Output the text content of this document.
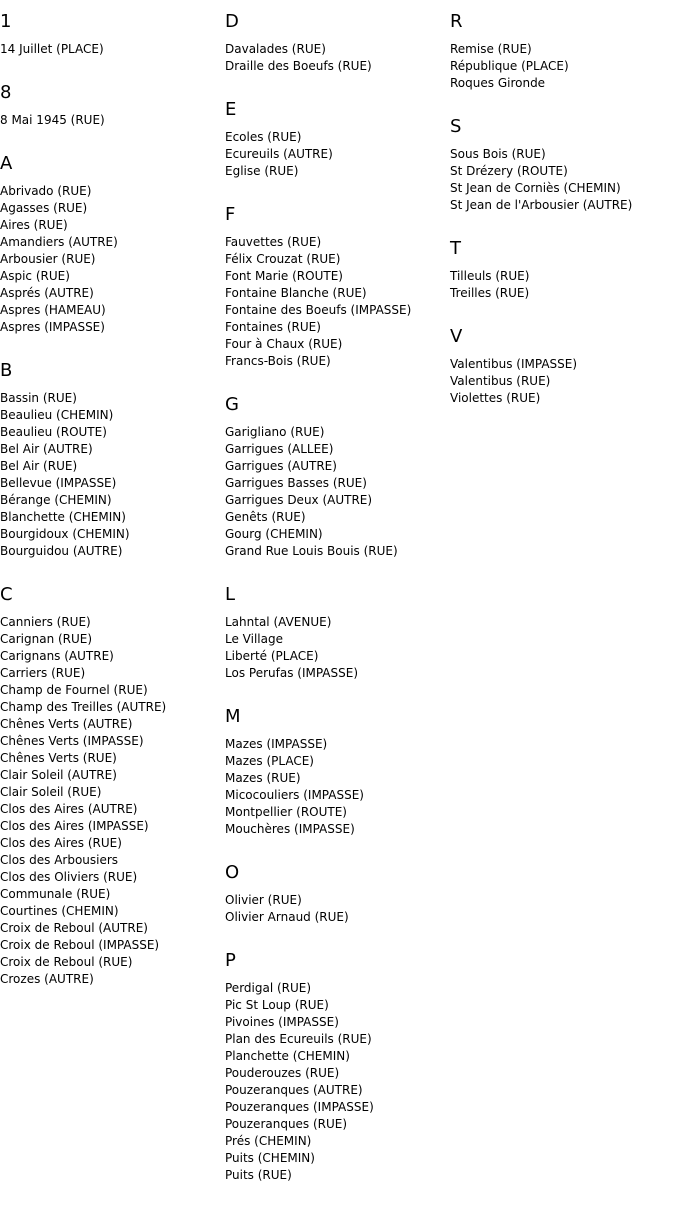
1
14 Juillet (PLACE)
8
8 Mai 1945 (RUE)
A
Abrivado (RUE)
Agasses (RUE)
Aires (RUE)
Amandiers (AUTRE)
Arbousier (RUE)
Aspic (RUE)
Asprés (AUTRE)
Aspres (HAMEAU)
Aspres (IMPASSE)
B
Bassin (RUE)
Beaulieu (CHEMIN)
Beaulieu (ROUTE)
Bel Air (AUTRE)
Bel Air (RUE)
Bellevue (IMPASSE)
Bérange (CHEMIN)
Blanchette (CHEMIN)
Bourgidoux (CHEMIN)
Bourguidou (AUTRE)
C
Canniers (RUE)
Carignan (RUE)
Carignans (AUTRE)
Carriers (RUE)
Champ de Fournel (RUE)
Champ des Treilles (AUTRE)
Chênes Verts (AUTRE)
Chênes Verts (IMPASSE)
Chênes Verts (RUE)
Clair Soleil (AUTRE)
Clair Soleil (RUE)
Clos des Aires (AUTRE)
Clos des Aires (IMPASSE)
Clos des Aires (RUE)
Clos des Arbousiers
Clos des Oliviers (RUE)
Communale (RUE)
Courtines (CHEMIN)
Croix de Reboul (AUTRE)
Croix de Reboul (IMPASSE)
Croix de Reboul (RUE)
Crozes (AUTRE)
D
Davalades (RUE)
Draille des Boeufs (RUE)
E
Ecoles (RUE)
Ecureuils (AUTRE)
Eglise (RUE)
F
Fauvettes (RUE)
Félix Crouzat (RUE)
Font Marie (ROUTE)
Fontaine Blanche (RUE)
Fontaine des Boeufs (IMPASSE)
Fontaines (RUE)
Four à Chaux (RUE)
Francs-Bois (RUE)
G
Garigliano (RUE)
Garrigues (ALLEE)
Garrigues (AUTRE)
Garrigues Basses (RUE)
Garrigues Deux (AUTRE)
Genêts (RUE)
Gourg (CHEMIN)
Grand Rue Louis Bouis (RUE)
L
Lahntal (AVENUE)
Le Village
Liberté (PLACE)
Los Perufas (IMPASSE)
M
Mazes (IMPASSE)
Mazes (PLACE)
Mazes (RUE)
Micocouliers (IMPASSE)
Montpellier (ROUTE)
Mouchères (IMPASSE)
O
Olivier (RUE)
Olivier Arnaud (RUE)
P
Perdigal (RUE)
Pic St Loup (RUE)
Pivoines (IMPASSE)
Plan des Ecureuils (RUE)
Planchette (CHEMIN)
Pouderouzes (RUE)
Pouzeranques (AUTRE)
Pouzeranques (IMPASSE)
Pouzeranques (RUE)
Prés (CHEMIN)
Puits (CHEMIN)
Puits (RUE)
R
Remise (RUE)
République (PLACE)
Roques Gironde
S
Sous Bois (RUE)
St Drézery (ROUTE)
St Jean de Corniès (CHEMIN)
St Jean de l'Arbousier (AUTRE)
T
Tilleuls (RUE)
Treilles (RUE)
V
Valentibus (IMPASSE)
Valentibus (RUE)
Violettes (RUE)
